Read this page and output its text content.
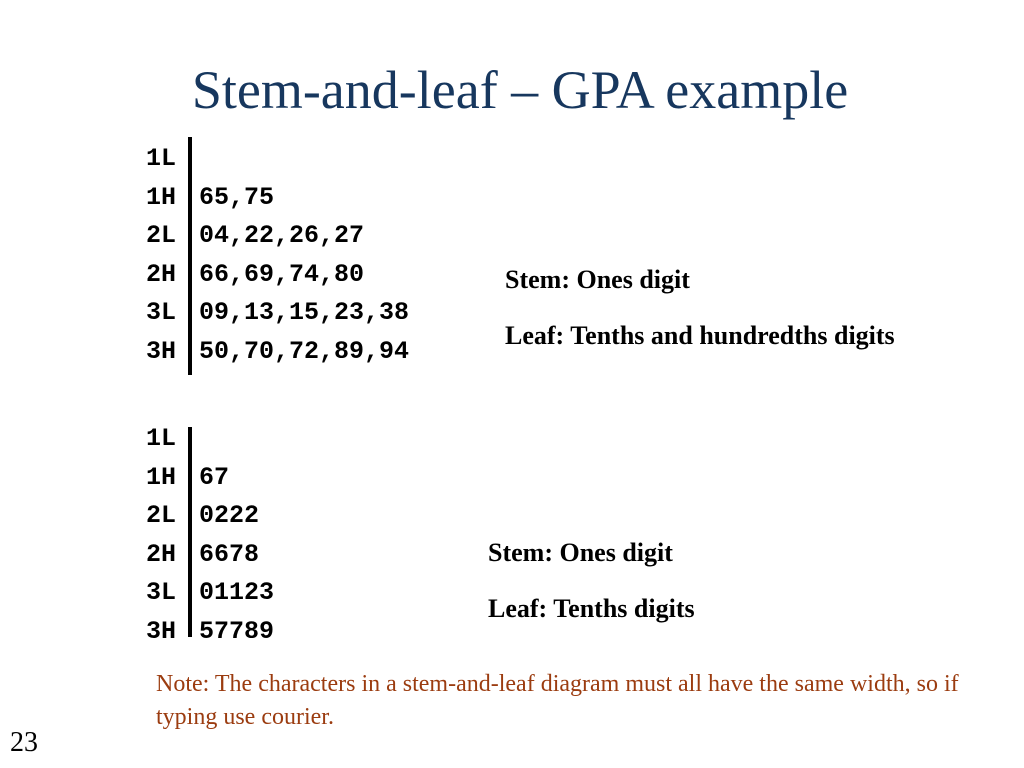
Stem-and-leaf – GPA example
1L
1H 65,75
2L 04,22,26,27
2H 66,69,74,80
3L 09,13,15,23,38
3H 50,70,72,89,94
Stem: Ones digit
Leaf: Tenths and hundredths digits
1L
1H 67
2L 0222
2H 6678
3L 01123
3H 57789
Stem: Ones digit
Leaf: Tenths digits
Note: The characters in a stem-and-leaf diagram must all have the same width, so if typing use courier.
23
